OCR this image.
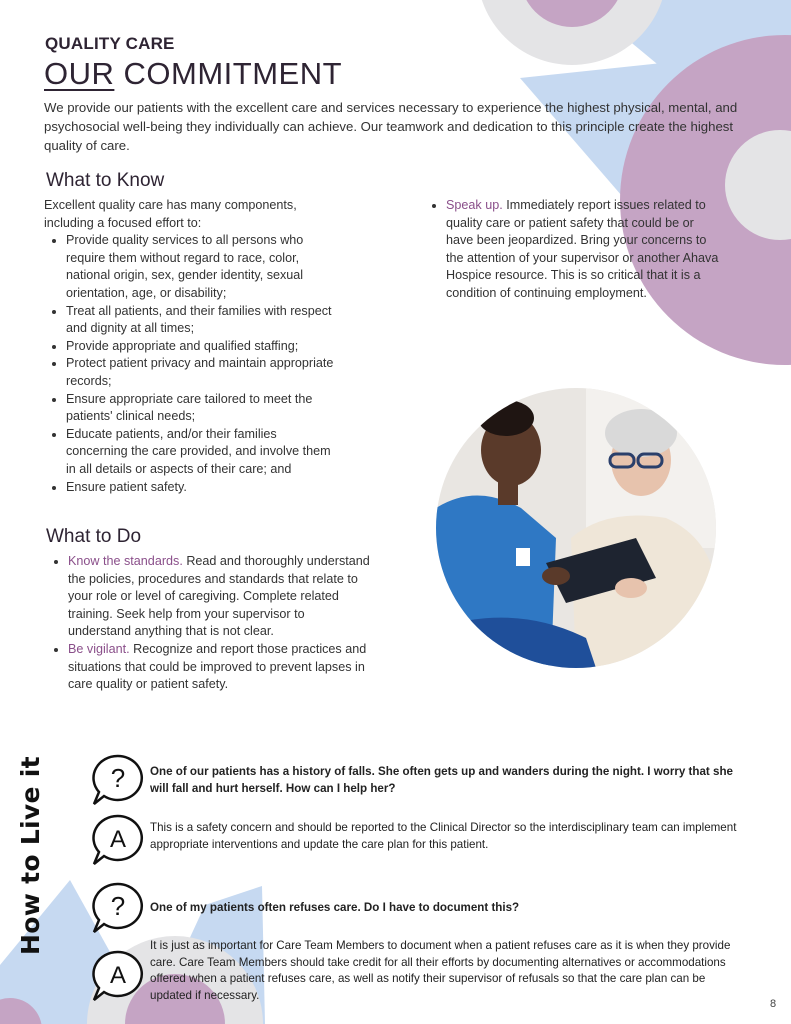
QUALITY CARE
OUR COMMITMENT
We provide our patients with the excellent care and services necessary to experience the highest physical, mental, and psychosocial well-being they individually can achieve. Our teamwork and dedication to this principle create the highest quality of care.
What to Know
Excellent quality care has many components, including a focused effort to:
• Provide quality services to all persons who require them without regard to race, color, national origin, sex, gender identity, sexual orientation, age, or disability;
• Treat all patients, and their families with respect and dignity at all times;
• Provide appropriate and qualified staffing;
• Protect patient privacy and maintain appropriate records;
• Ensure appropriate care tailored to meet the patients' clinical needs;
• Educate patients, and/or their families concerning the care provided, and involve them in all details or aspects of their care; and
• Ensure patient safety.
• Speak up. Immediately report issues related to quality care or patient safety that could be or have been jeopardized. Bring your concerns to the attention of your supervisor or another Ahava Hospice resource. This is so critical that it is a condition of continuing employment.
What to Do
• Know the standards. Read and thoroughly understand the policies, procedures and standards that relate to your role or level of caregiving. Complete related training. Seek help from your supervisor to understand anything that is not clear.
• Be vigilant. Recognize and report those practices and situations that could be improved to prevent lapses in care quality or patient safety.
How to Live it	? One of our patients has a history of falls. She often gets up and wanders during the night. I worry that she will fall and hurt herself. How can I help her?
A This is a safety concern and should be reported to the Clinical Director so the interdisciplinary team can implement appropriate interventions and update the care plan for this patient.
? One of my patients often refuses care. Do I have to document this?
A
It is just as important for Care Team Members to document when a patient refuses care as it is when they provide care. Care Team Members should take credit for all their efforts by documenting alternatives or accommodations offered when a patient refuses care, as well as notify their supervisor of refusals so that the care plan can be updated if necessary.
8
